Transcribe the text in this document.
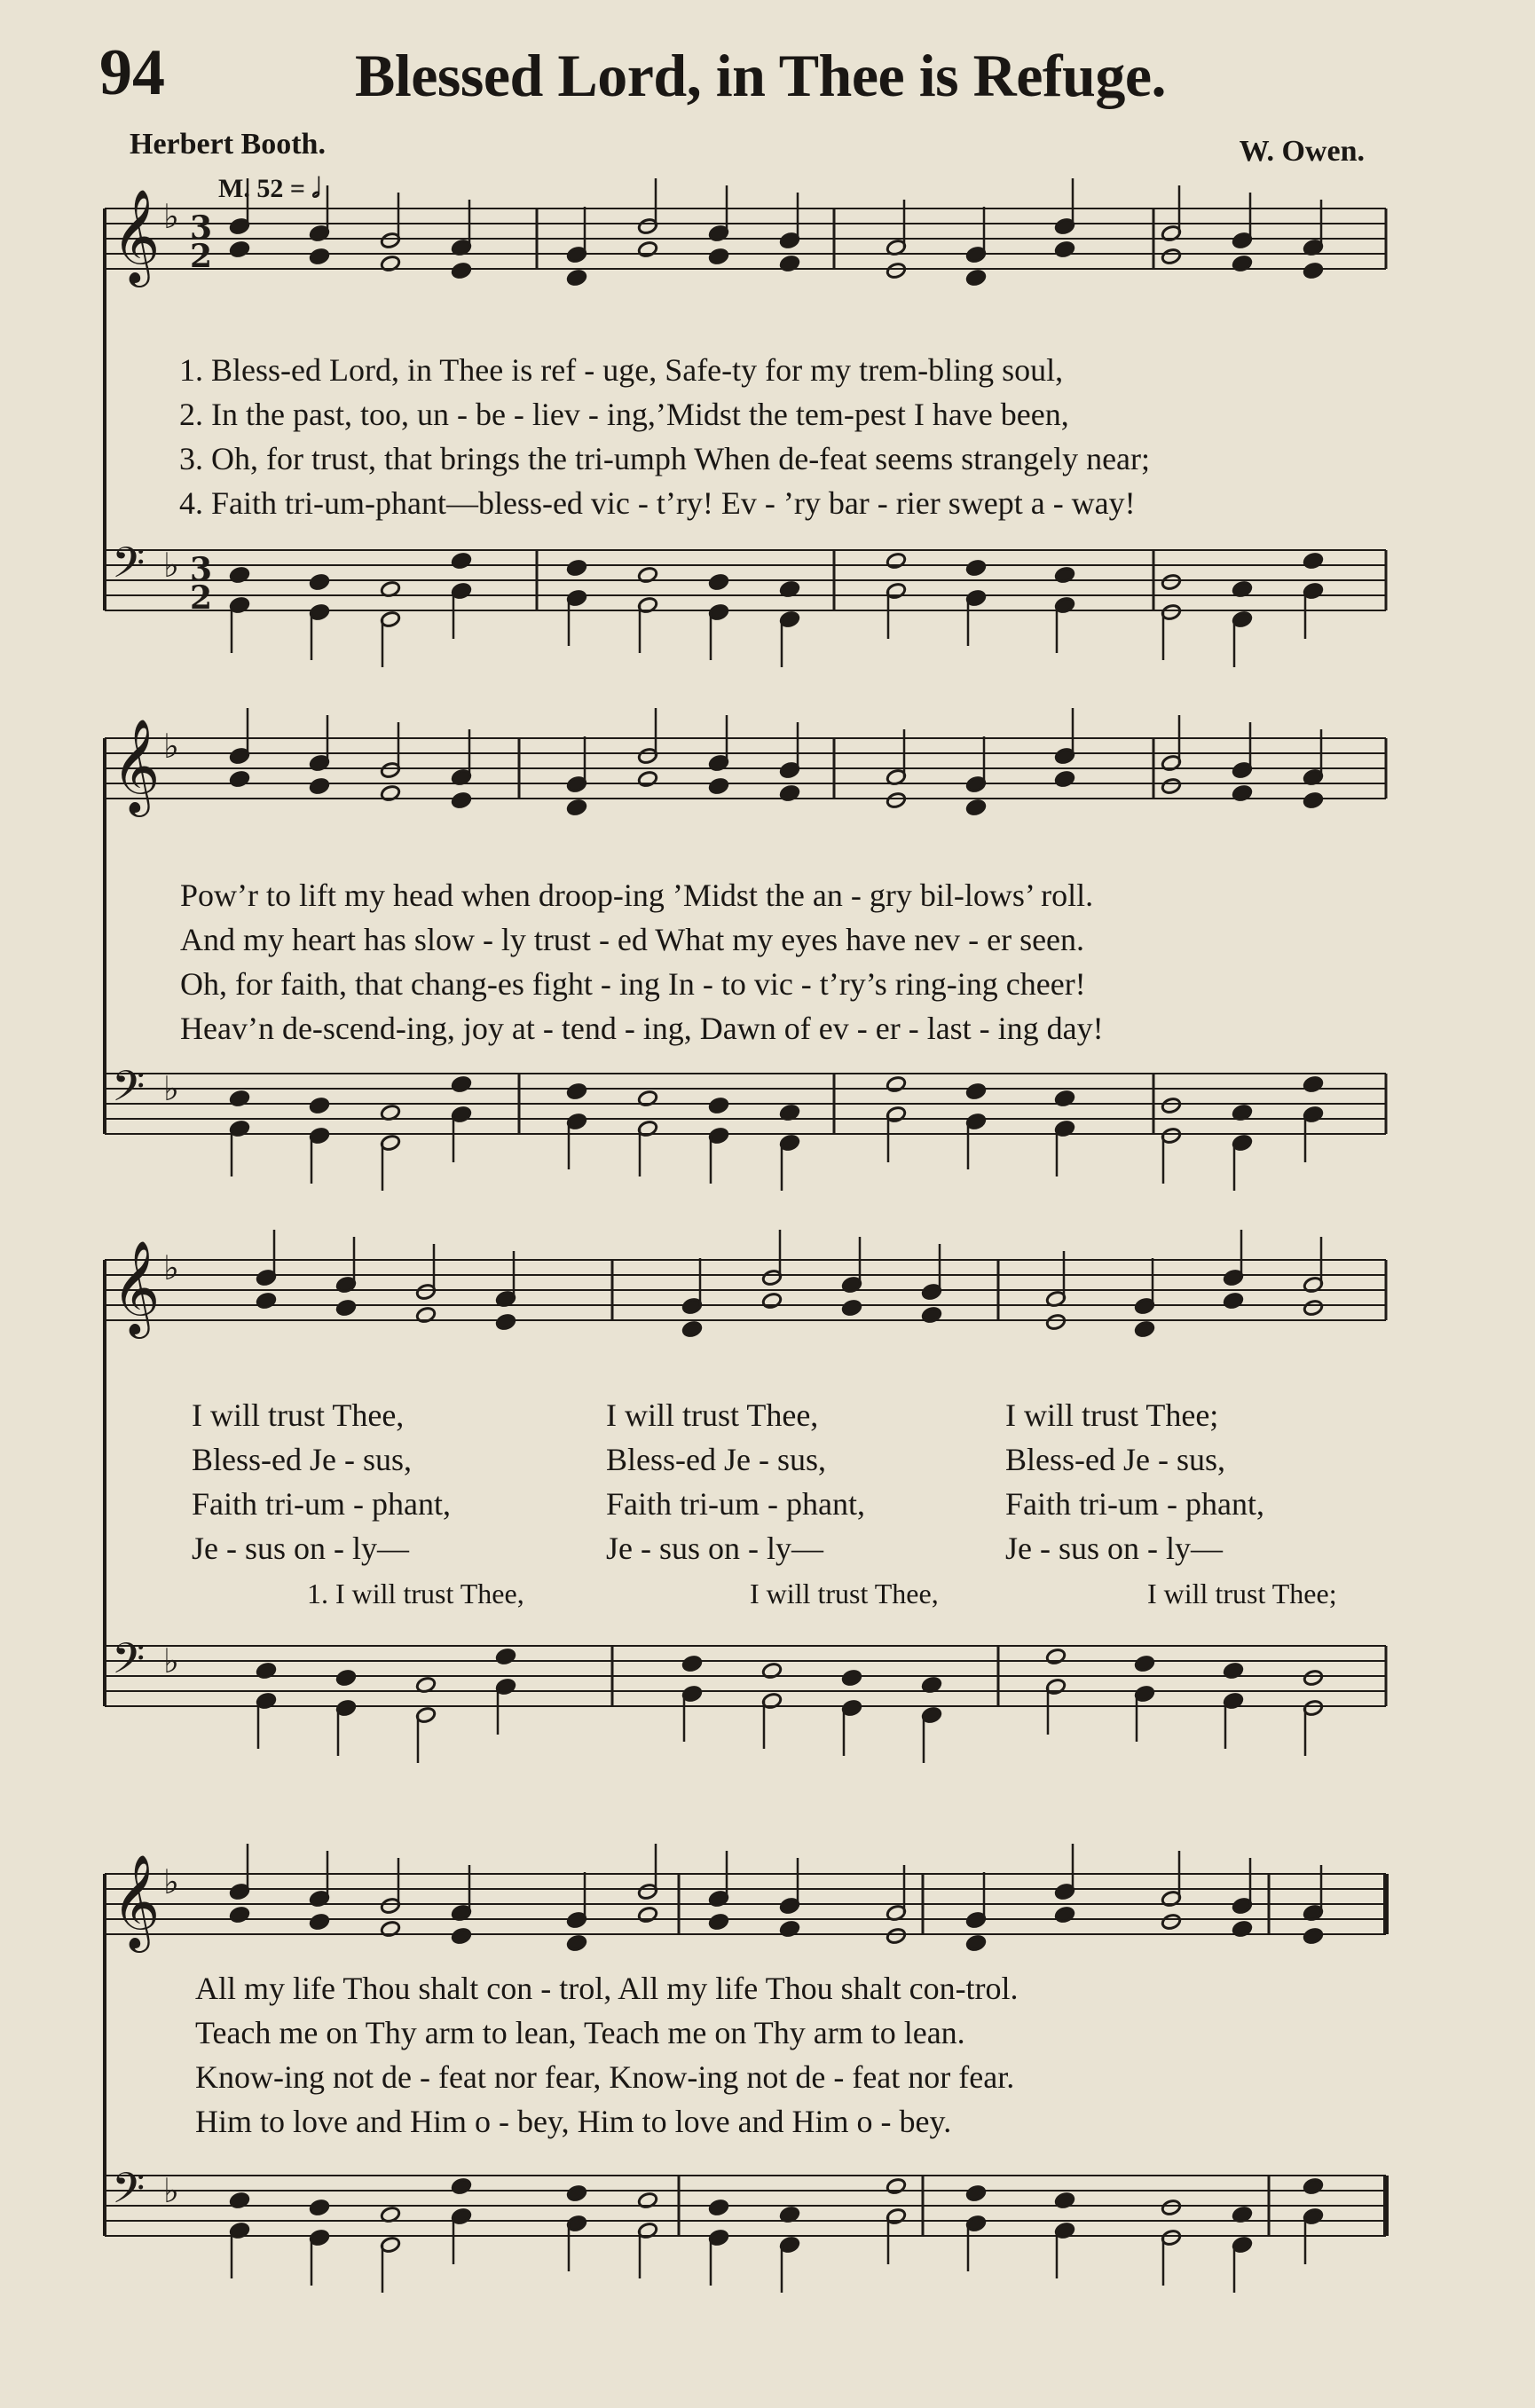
94	Blessed Lord, in Thee is Refuge.
Herbert Booth.	W. Owen.
M. 52 = 𝅗𝅥
𝄞
𝄢
♭
♭
3
2
3
2
𝄞
𝄢
♭
♭
𝄞
𝄢
♭
♭
𝄞
𝄢
♭
♭
1. Bless-ed Lord, in Thee is ref - uge, Safe-ty for my trem-bling soul,
2. In the past, too, un - be - liev - ing,’Midst the tem-pest I have been,
3. Oh, for trust, that brings the tri-umph When de-feat seems strangely near;
4. Faith tri-um-phant—bless-ed vic - t’ry! Ev - ’ry bar - rier swept a - way!
Pow’r to lift my head when droop-ing ’Midst the an - gry bil-lows’ roll.
And my heart has slow - ly trust - ed What my eyes have nev - er seen.
Oh, for faith, that chang-es fight - ing In - to vic - t’ry’s ring-ing cheer!
Heav’n de-scend-ing, joy at - tend - ing, Dawn of ev - er - last - ing day!
I will trust Thee,	I will trust Thee,	I will trust Thee;
Bless-ed Je - sus,	Bless-ed Je - sus,	Bless-ed Je - sus,
Faith tri-um - phant,	Faith tri-um - phant,	Faith tri-um - phant,
Je - sus on - ly—	Je - sus on - ly—	Je - sus on - ly—
1. I will trust Thee,	I will trust Thee,	I will trust Thee;
All my life Thou shalt con - trol, All my life Thou shalt con-trol.
Teach me on Thy arm to lean, Teach me on Thy arm to lean.
Know-ing not de - feat nor fear, Know-ing not de - feat nor fear.
Him to love and Him o - bey, Him to love and Him o - bey.
